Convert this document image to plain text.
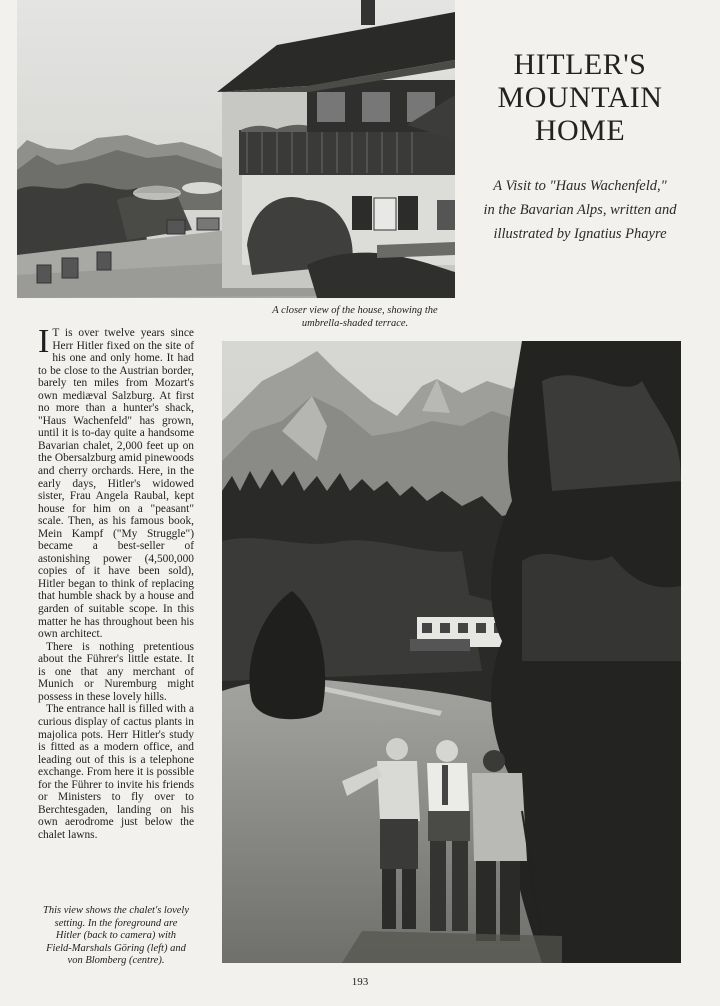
HITLER'S
MOUNTAIN
HOME
A Visit to "Haus Wachenfeld,"
in the Bavarian Alps, written and
illustrated by Ignatius Phayre
A closer view of the house, showing the
umbrella-shaded terrace.

I T is over twelve years since Herr Hitler fixed on the site of his one and only home. It had to be close to the Austrian border, barely ten miles from Mozart's own mediæval Salzburg. At first no more than a hunter's shack, "Haus Wachenfeld" has grown, until it is to-day quite a handsome Bavarian chalet, 2,000 feet up on the Obersalzburg amid pinewoods and cherry orchards. Here, in the early days, Hitler's widowed sister, Frau Angela Raubal, kept house for him on a "peasant" scale. Then, as his famous book, Mein Kampf ("My Struggle") became a best-seller of astonishing power (4,500,000 copies of it have been sold), Hitler began to think of replacing that humble shack by a house and garden of suitable scope. In this matter he has throughout been his own architect.

There is nothing pretentious about the Führer's little estate. It is one that any merchant of Munich or Nuremburg might possess in these lovely hills.

The entrance hall is filled with a curious display of cactus plants in majolica pots. Herr Hitler's study is fitted as a modern office, and leading out of this is a telephone exchange. From here it is possible for the Führer to invite his friends or Ministers to fly over to Berchtesgaden, landing on his own aerodrome just below the chalet lawns.

This view shows the chalet's lovely
setting. In the foreground are
Hitler (back to camera) with
Field-Marshals Göring (left) and
von Blomberg (centre).
193
